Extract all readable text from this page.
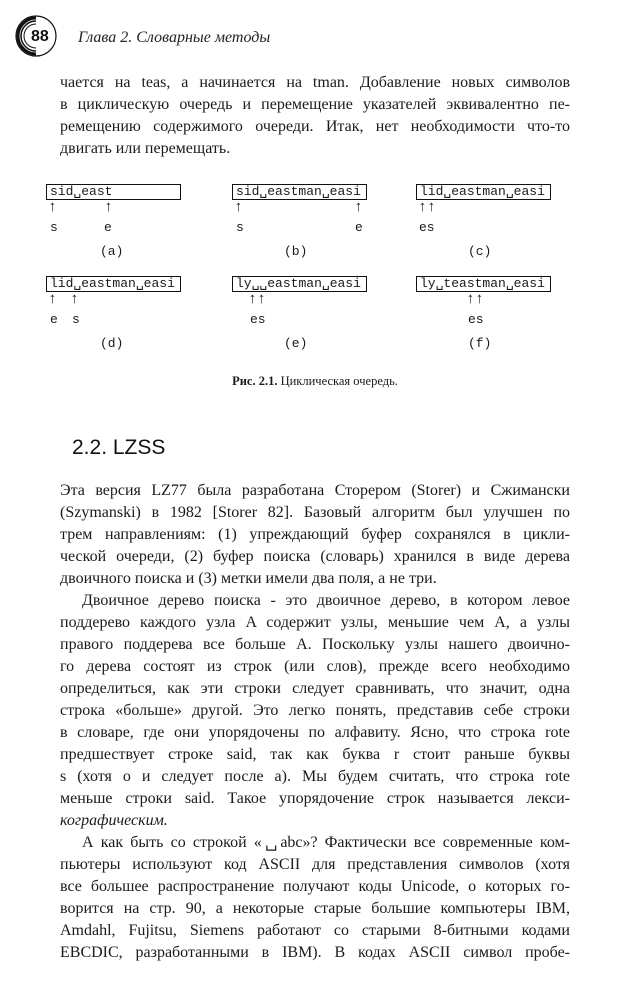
88 Глава 2. Словарные методы
чается на teas, а начинается на tman. Добавление новых символов
в циклическую очередь и перемещение указателей эквивалентно пе-
ремещению содержимого очереди. Итак, нет необходимости что-то
двигать или перемещать.
sid␣east
↑	↑
s	e
(a)
sid␣eastman␣easi
↑	↑
s	e
(b)
lid␣eastman␣easi
↑↑
es
(c)
lid␣eastman␣easi
↑ ↑
e s
(d)
ly␣␣eastman␣easi
↑↑
es
(e)
ly␣teastman␣easi
↑↑
es
(f)
Рис. 2.1. Циклическая очередь.
2.2. LZSS
Эта версия LZ77 была разработана Сторером (Storer) и Сжимански
(Szymanski) в 1982 [Storer 82]. Базовый алгоритм был улучшен по
трем направлениям: (1) упреждающий буфер сохранялся в цикли-
ческой очереди, (2) буфер поиска (словарь) хранился в виде дерева
двоичного поиска и (3) метки имели два поля, а не три.
Двоичное дерево поиска - это двоичное дерево, в котором левое
поддерево каждого узла A содержит узлы, меньшие чем A, а узлы
правого поддерева все больше A. Поскольку узлы нашего двоично-
го дерева состоят из строк (или слов), прежде всего необходимо
определиться, как эти строки следует сравнивать, что значит, одна
строка «больше» другой. Это легко понять, представив себе строки
в словаре, где они упорядочены по алфавиту. Ясно, что строка rote
предшествует строке said, так как буква r стоит раньше буквы
s (хотя o и следует после a). Мы будем считать, что строка rote
меньше строки said. Такое упорядочение строк называется лекси-
кографическим.
А как быть со строкой «␣abc»? Фактически все современные ком-
пьютеры используют код ASCII для представления символов (хотя
все большее распространение получают коды Unicode, о которых го-
ворится на стр. 90, а некоторые старые большие компьютеры IBM,
Amdahl, Fujitsu, Siemens работают со старыми 8-битными кодами
EBCDIC, разработанными в IBM). В кодах ASCII символ пробе-
